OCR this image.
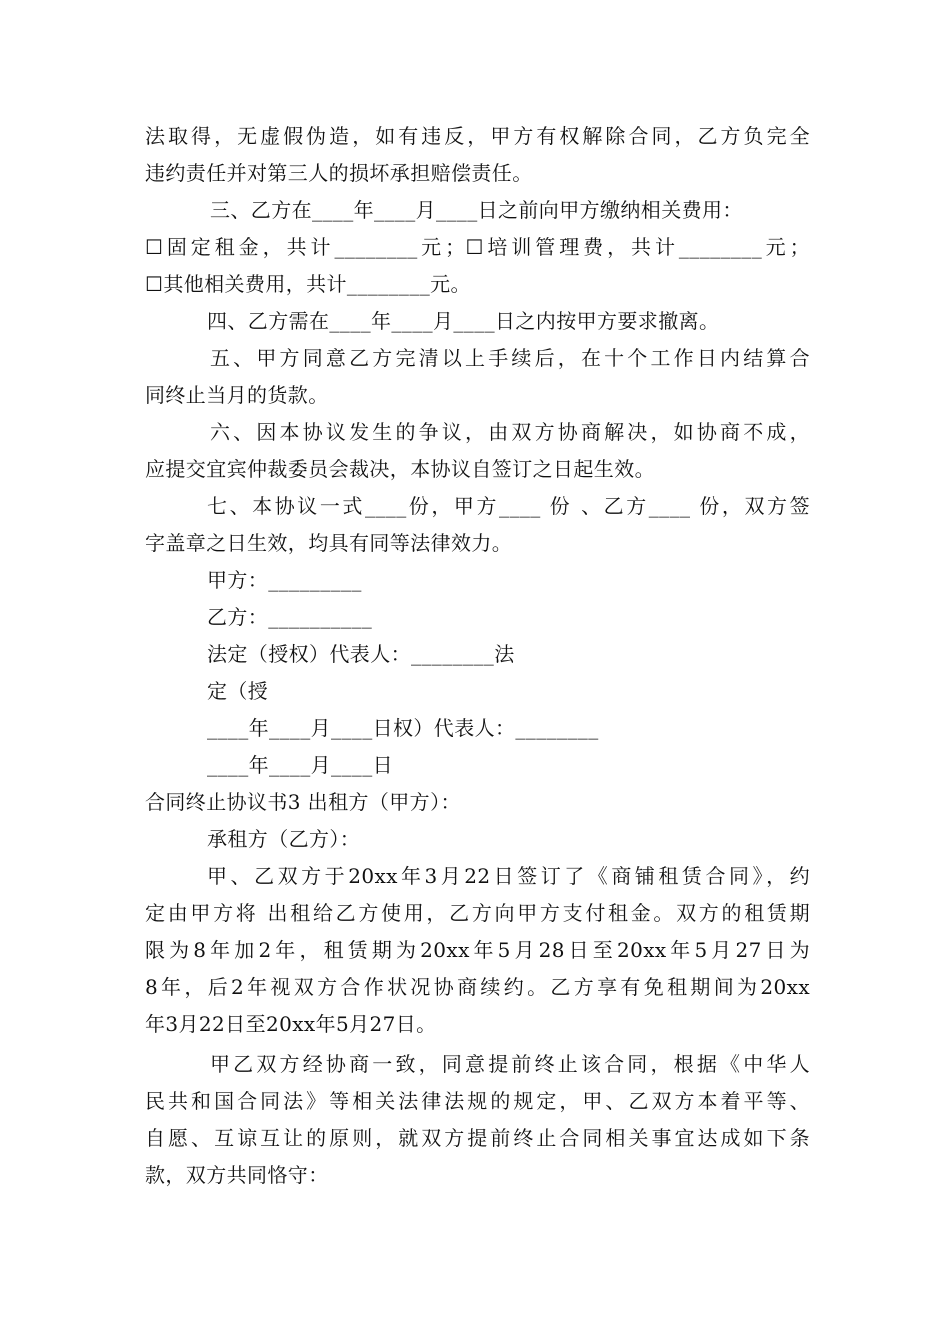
法取得，无虚假伪造，如有违反，甲方有权解除合同，乙方负完全
违约责任并对第三人的损坏承担赔偿责任。
三、乙方在____年____月____日之前向甲方缴纳相关费用：
☐固定租金，共计________元；☐培训管理费，共计________元；
☐其他相关费用，共计________元。
四、乙方需在____年____月____日之内按甲方要求撤离。
五、甲方同意乙方完清以上手续后，在十个工作日内结算合
同终止当月的货款。
六、因本协议发生的争议，由双方协商解决，如协商不成，
应提交宜宾仲裁委员会裁决，本协议自签订之日起生效。
七、本协议一式____份，甲方____ 份 、乙方____ 份，双方签
字盖章之日生效，均具有同等法律效力。
甲方：_________
乙方：__________
法定（授权）代表人：________法
定（授
____年____月____日权）代表人：________
____年____月____日
合同终止协议书3 出租方（甲方）：
承租方（乙方）：
甲、乙双方于20xx年3月22日签订了《商铺租赁合同》，约
定由甲方将 出租给乙方使用，乙方向甲方支付租金。双方的租赁期
限为8年加2年，租赁期为20xx年5月28日至20xx年5月27日为
8年，后2年视双方合作状况协商续约。乙方享有免租期间为20xx
年3月22日至20xx年5月27日。
甲乙双方经协商一致，同意提前终止该合同，根据《中华人
民共和国合同法》等相关法律法规的规定，甲、乙双方本着平等、
自愿、互谅互让的原则，就双方提前终止合同相关事宜达成如下条
款，双方共同恪守：
